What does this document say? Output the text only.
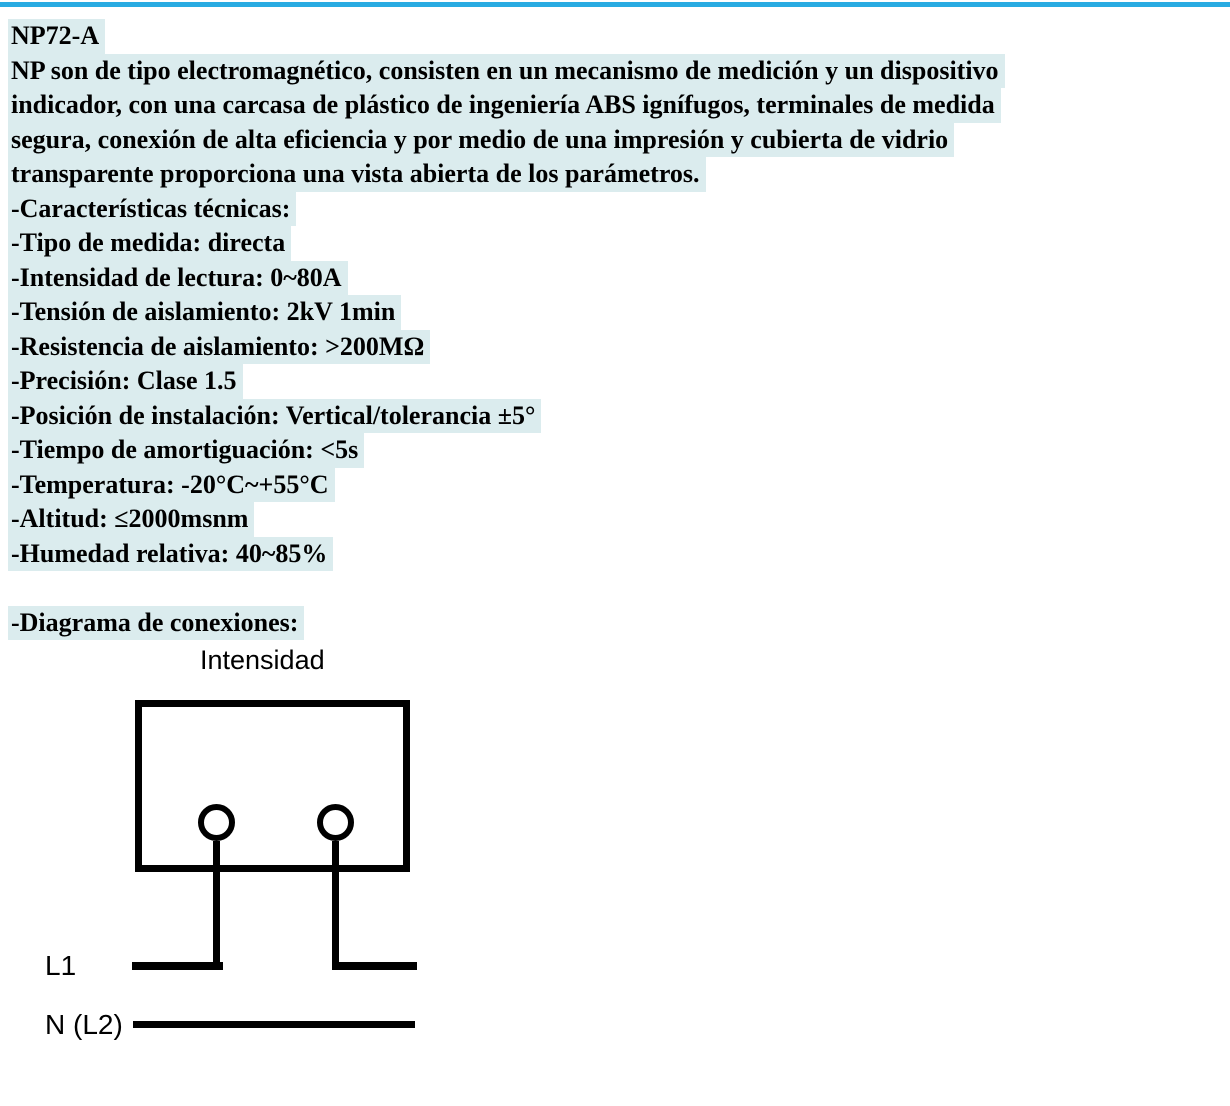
NP72-A
NP son de tipo electromagnético, consisten en un mecanismo de medición y un dispositivo
indicador, con una carcasa de plástico de ingeniería ABS ignífugos, terminales de medida
segura, conexión de alta eficiencia y por medio de una impresión y cubierta de vidrio
transparente proporciona una vista abierta de los parámetros.
-Características técnicas:
-Tipo de medida: directa
-Intensidad de lectura: 0~80A
-Tensión de aislamiento: 2kV 1min
-Resistencia de aislamiento: >200MΩ
-Precisión: Clase 1.5
-Posición de instalación: Vertical/tolerancia ±5°
-Tiempo de amortiguación: <5s
-Temperatura: -20°C~+55°C
-Altitud: ≤2000msnm
-Humedad relativa: 40~85%
-Diagrama de conexiones:
Intensidad
L1
N (L2)
